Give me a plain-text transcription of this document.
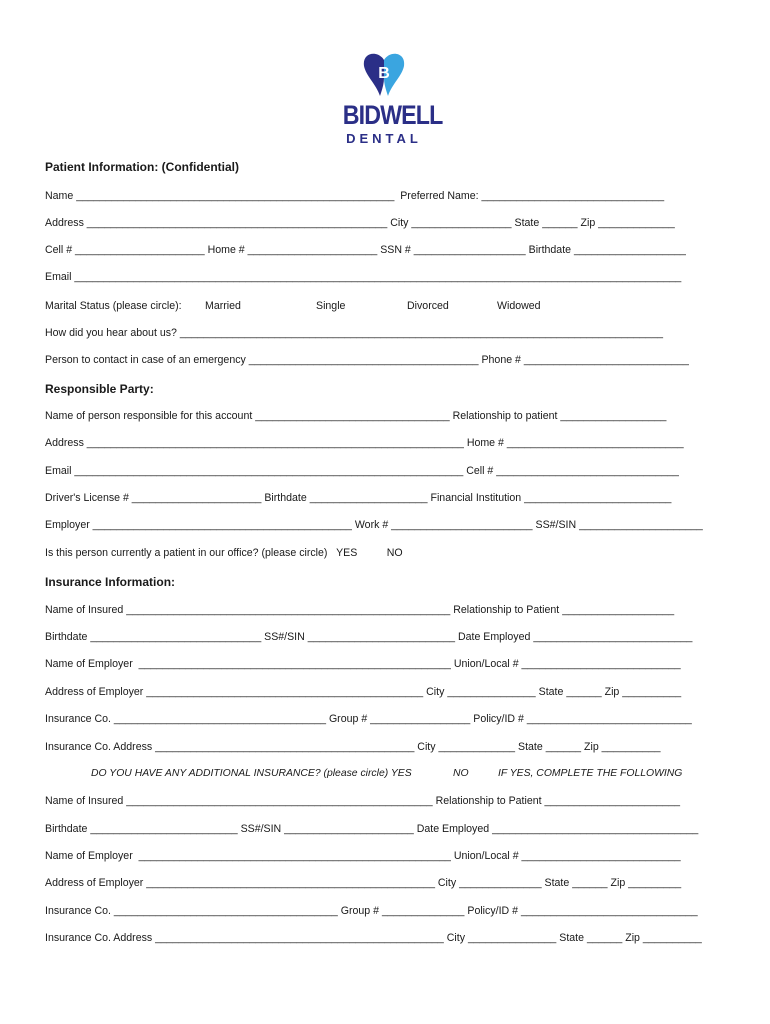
B
BIDWELL
DENTAL
Patient Information: (Confidential)
Name ______________________________________________________  Preferred Name: _______________________________
Address ___________________________________________________ City _________________ State ______ Zip _____________
Cell # ______________________ Home # ______________________ SSN # ___________________ Birthdate ___________________
Email _______________________________________________________________________________________________________
Marital Status (please circle): Married	Single	Divorced	Widowed
How did you hear about us? __________________________________________________________________________________
Person to contact in case of an emergency _______________________________________ Phone # ____________________________
Responsible Party:
Name of person responsible for this account _________________________________ Relationship to patient __________________
Address ________________________________________________________________ Home # ______________________________
Email __________________________________________________________________ Cell # _______________________________
Driver's License # ______________________ Birthdate ____________________ Financial Institution _________________________
Employer ____________________________________________ Work # ________________________ SS#/SIN _____________________
Is this person currently a patient in our office? (please circle)   YES          NO
Insurance Information:
Name of Insured _______________________________________________________ Relationship to Patient ___________________
Birthdate _____________________________ SS#/SIN _________________________ Date Employed ___________________________
Name of Employer  _____________________________________________________ Union/Local # ___________________________
Address of Employer _______________________________________________ City _______________ State ______ Zip __________
Insurance Co. ____________________________________ Group # _________________ Policy/ID # ____________________________
Insurance Co. Address ____________________________________________ City _____________ State ______ Zip __________
DO YOU HAVE ANY ADDITIONAL INSURANCE? (please circle) YES	NO	IF YES, COMPLETE THE FOLLOWING
Name of Insured ____________________________________________________ Relationship to Patient _______________________
Birthdate _________________________ SS#/SIN ______________________ Date Employed ___________________________________
Name of Employer  _____________________________________________________ Union/Local # ___________________________
Address of Employer _________________________________________________ City ______________ State ______ Zip _________
Insurance Co. ______________________________________ Group # ______________ Policy/ID # ______________________________
Insurance Co. Address _________________________________________________ City _______________ State ______ Zip __________
